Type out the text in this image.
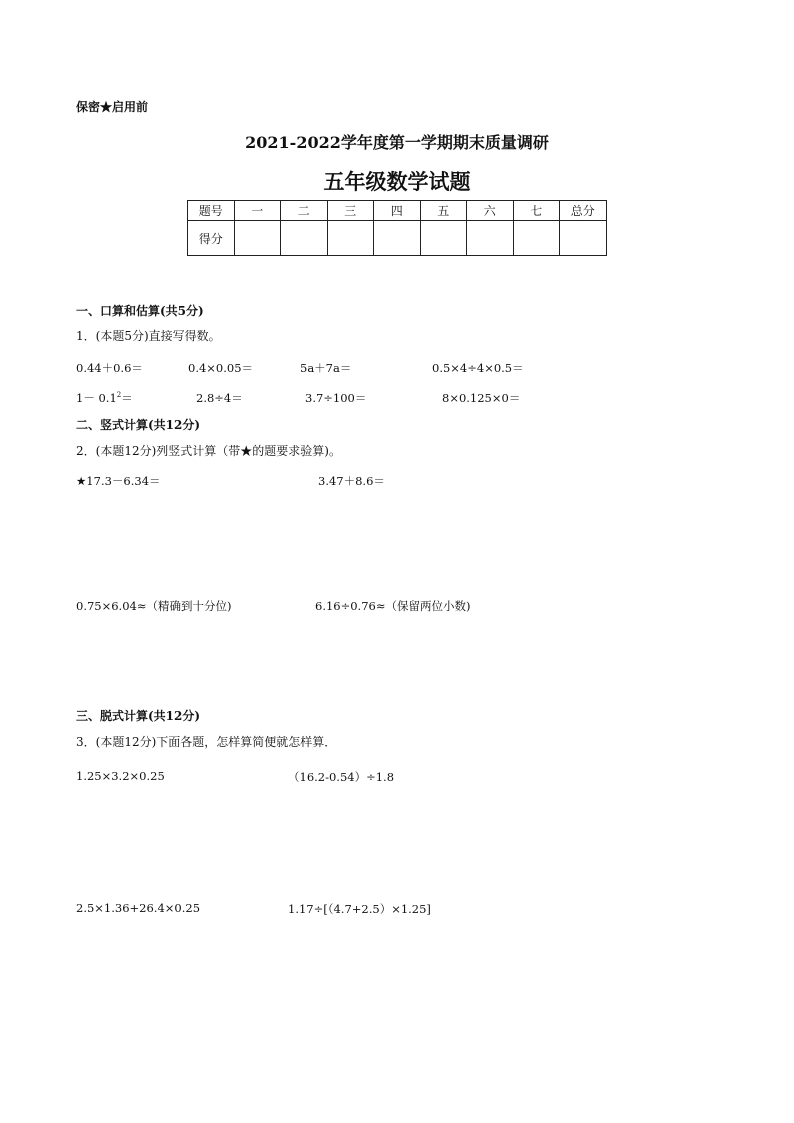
保密★启用前
2021-2022学年度第一学期期末质量调研
五年级数学试题
题号	一	二	三	四	五	六	七	总分
得分								
一、口算和估算(共5分)
1．(本题5分)直接写得数。
0.44＋0.6＝	0.4×0.05＝	5a＋7a＝	0.5×4÷4×0.5＝
$1- 0.1^2=$	2.8÷4＝	3.7÷100＝	8×0.125×0＝
二、竖式计算(共12分)
2．(本题12分)列竖式计算（带★的题要求验算)。
★17.3－6.34＝	3.47＋8.6＝
0.75×6.04≈（精确到十分位)	6.16÷0.76≈（保留两位小数)
三、脱式计算(共12分)
3．(本题12分)下面各题，怎样算简便就怎样算．
1.25×3.2×0.25	（16.2-0.54）÷1.8
2.5×1.36+26.4×0.25	1.17÷[（4.7+2.5）×1.25]
